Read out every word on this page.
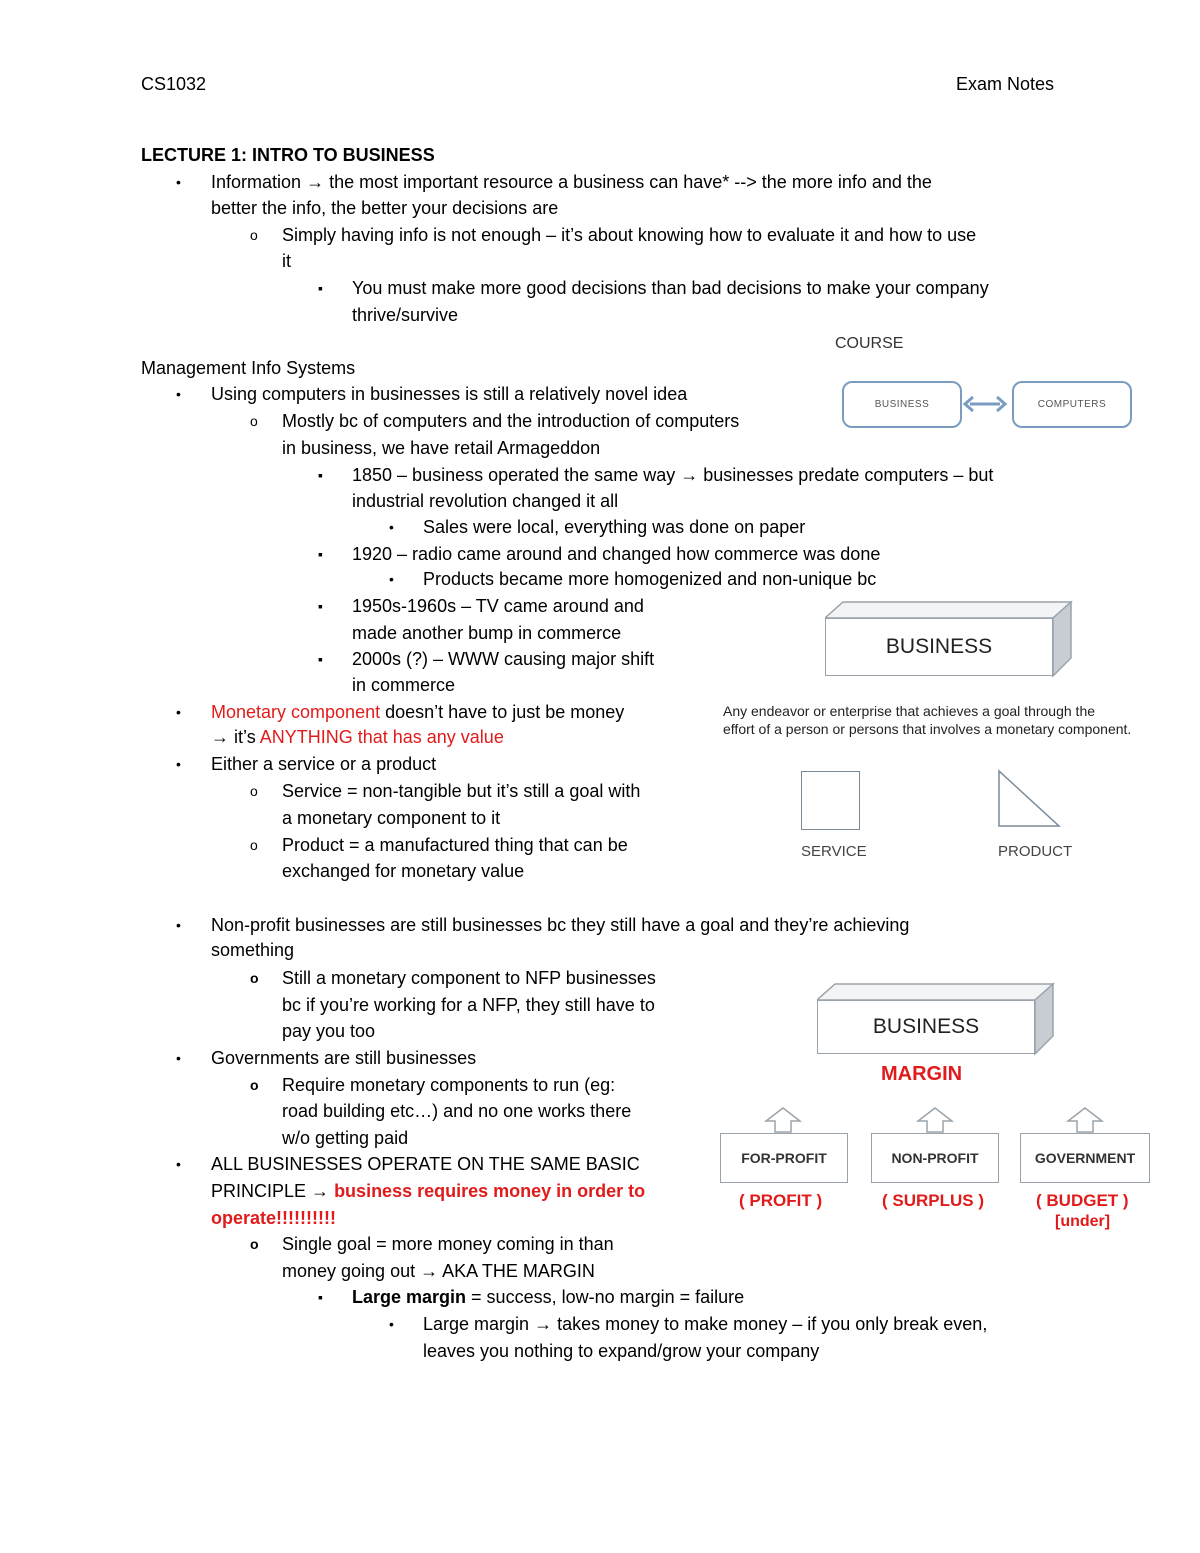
CS1032	Exam Notes
LECTURE 1: INTRO TO BUSINESS
• Information → the most important resource a business can have* --> the more info and the
better the info, the better your decisions are
o Simply having info is not enough – it’s about knowing how to evaluate it and how to use
it
▪ You must make more good decisions than bad decisions to make your company
thrive/survive
Management Info Systems
• Using computers in businesses is still a relatively novel idea
o Mostly bc of computers and the introduction of computers
in business, we have retail Armageddon
▪ 1850 – business operated the same way → businesses predate computers – but
industrial revolution changed it all
• Sales were local, everything was done on paper
▪ 1920 – radio came around and changed how commerce was done
• Products became more homogenized and non-unique bc
▪ 1950s-1960s – TV came around and
made another bump in commerce
▪ 2000s (?) – WWW causing major shift
in commerce
• Monetary component doesn’t have to just be money
→ it’s ANYTHING that has any value
• Either a service or a product
o Service = non-tangible but it’s still a goal with
a monetary component to it
o Product = a manufactured thing that can be
exchanged for monetary value
• Non-profit businesses are still businesses bc they still have a goal and they’re achieving
something
o Still a monetary component to NFP businesses
bc if you’re working for a NFP, they still have to
pay you too
• Governments are still businesses
o Require monetary components to run (eg:
road building etc…) and no one works there
w/o getting paid
• ALL BUSINESSES OPERATE ON THE SAME BASIC
PRINCIPLE → business requires money in order to
operate!!!!!!!!!!
o Single goal = more money coming in than
money going out → AKA THE MARGIN
▪ Large margin = success, low-no margin = failure
• Large margin → takes money to make money – if you only break even,
leaves you nothing to expand/grow your company
COURSE
BUSINESS	COMPUTERS
BUSINESS
Any endeavor or enterprise that achieves a goal through the
effort of a person or persons that involves a monetary component.
SERVICE	PRODUCT
BUSINESS
MARGIN
FOR-PROFIT	NON-PROFIT	GOVERNMENT
( PROFIT )	( SURPLUS )	( BUDGET )
[under]
